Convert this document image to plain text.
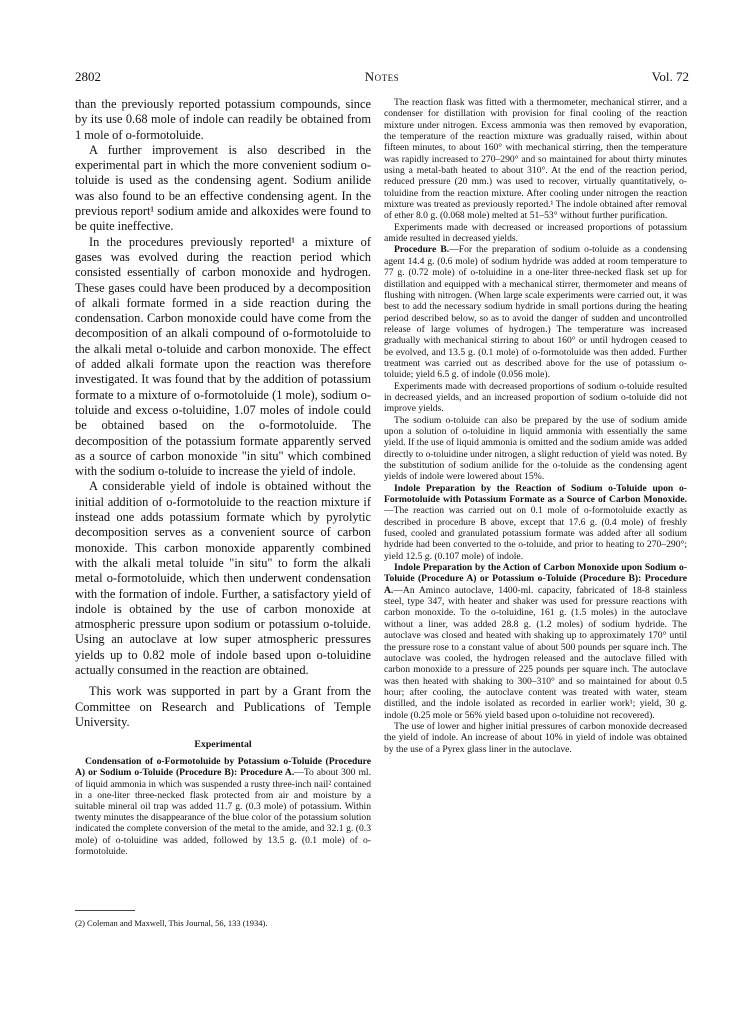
2802	Notes	Vol. 72

than the previously reported potassium compounds, since by its use 0.68 mole of indole can readily be obtained from 1 mole of o-formotoluide.

A further improvement is also described in the experimental part in which the more convenient sodium o-toluide is used as the condensing agent. Sodium anilide was also found to be an effective condensing agent. In the previous report¹ sodium amide and alkoxides were found to be quite ineffective.

In the procedures previously reported¹ a mixture of gases was evolved during the reaction period which consisted essentially of carbon monoxide and hydrogen. These gases could have been produced by a decomposition of alkali formate formed in a side reaction during the condensation. Carbon monoxide could have come from the decomposition of an alkali compound of o-formotoluide to the alkali metal o-toluide and carbon monoxide. The effect of added alkali formate upon the reaction was therefore investigated. It was found that by the addition of potassium formate to a mixture of o-formotoluide (1 mole), sodium o-toluide and excess o-toluidine, 1.07 moles of indole could be obtained based on the o-formotoluide. The decomposition of the potassium formate apparently served as a source of carbon monoxide "in situ" which combined with the sodium o-toluide to increase the yield of indole.

A considerable yield of indole is obtained without the initial addition of o-formotoluide to the reaction mixture if instead one adds potassium formate which by pyrolytic decomposition serves as a convenient source of carbon monoxide. This carbon monoxide apparently combined with the alkali metal toluide "in situ" to form the alkali metal o-formotoluide, which then underwent condensation with the formation of indole. Further, a satisfactory yield of indole is obtained by the use of carbon monoxide at atmospheric pressure upon sodium or potassium o-toluide. Using an autoclave at low super atmospheric pressures yields up to 0.82 mole of indole based upon o-toluidine actually consumed in the reaction are obtained.

This work was supported in part by a Grant from the Committee on Research and Publications of Temple University.

Experimental

Condensation of o-Formotoluide by Potassium o-Toluide (Procedure A) or Sodium o-Toluide (Procedure B): Procedure A.—To about 300 ml. of liquid ammonia in which was suspended a rusty three-inch nail² contained in a one-liter three-necked flask protected from air and moisture by a suitable mineral oil trap was added 11.7 g. (0.3 mole) of potassium. Within twenty minutes the disappearance of the blue color of the potassium solution indicated the complete conversion of the metal to the amide, and 32.1 g. (0.3 mole) of o-toluidine was added, followed by 13.5 g. (0.1 mole) of o-formotoluide.

(2) Coleman and Maxwell, This Journal, 56, 133 (1934).

The reaction flask was fitted with a thermometer, mechanical stirrer, and a condenser for distillation with provision for final cooling of the reaction mixture under nitrogen. Excess ammonia was then removed by evaporation, the temperature of the reaction mixture was gradually raised, within about fifteen minutes, to about 160° with mechanical stirring, then the temperature was rapidly increased to 270–290° and so maintained for about thirty minutes using a metal-bath heated to about 310°. At the end of the reaction period, reduced pressure (20 mm.) was used to recover, virtually quantitatively, o-toluidine from the reaction mixture. After cooling under nitrogen the reaction mixture was treated as previously reported.¹ The indole obtained after removal of ether 8.0 g. (0.068 mole) melted at 51–53° without further purification.

Experiments made with decreased or increased proportions of potassium amide resulted in decreased yields.

Procedure B.—For the preparation of sodium o-toluide as a condensing agent 14.4 g. (0.6 mole) of sodium hydride was added at room temperature to 77 g. (0.72 mole) of o-toluidine in a one-liter three-necked flask set up for distillation and equipped with a mechanical stirrer, thermometer and means of flushing with nitrogen. (When large scale experiments were carried out, it was best to add the necessary sodium hydride in small portions during the heating period described below, so as to avoid the danger of sudden and uncontrolled release of large volumes of hydrogen.) The temperature was increased gradually with mechanical stirring to about 160° or until hydrogen ceased to be evolved, and 13.5 g. (0.1 mole) of o-formotoluide was then added. Further treatment was carried out as described above for the use of potassium o-toluide; yield 6.5 g. of indole (0.056 mole).

Experiments made with decreased proportions of sodium o-toluide resulted in decreased yields, and an increased proportion of sodium o-toluide did not improve yields.

The sodium o-toluide can also be prepared by the use of sodium amide upon a solution of o-toluidine in liquid ammonia with essentially the same yield. If the use of liquid ammonia is omitted and the sodium amide was added directly to o-toluidine under nitrogen, a slight reduction of yield was noted. By the substitution of sodium anilide for the o-toluide as the condensing agent yields of indole were lowered about 15%.

Indole Preparation by the Reaction of Sodium o-Toluide upon o-Formotoluide with Potassium Formate as a Source of Carbon Monoxide.—The reaction was carried out on 0.1 mole of o-formotoluide exactly as described in procedure B above, except that 17.6 g. (0.4 mole) of freshly fused, cooled and granulated potassium formate was added after all sodium hydride had been converted to the o-toluide, and prior to heating to 270–290°; yield 12.5 g. (0.107 mole) of indole.

Indole Preparation by the Action of Carbon Monoxide upon Sodium o-Toluide (Procedure A) or Potassium o-Toluide (Procedure B): Procedure A.—An Aminco autoclave, 1400-ml. capacity, fabricated of 18-8 stainless steel, type 347, with heater and shaker was used for pressure reactions with carbon monoxide. To the o-toluidine, 161 g. (1.5 moles) in the autoclave without a liner, was added 28.8 g. (1.2 moles) of sodium hydride. The autoclave was closed and heated with shaking up to approximately 170° until the pressure rose to a constant value of about 500 pounds per square inch. The autoclave was cooled, the hydrogen released and the autoclave filled with carbon monoxide to a pressure of 225 pounds per square inch. The autoclave was then heated with shaking to 300–310° and so maintained for about 0.5 hour; after cooling, the autoclave content was treated with water, steam distilled, and the indole isolated as recorded in earlier work¹; yield, 30 g. indole (0.25 mole or 56% yield based upon o-toluidine not recovered).

The use of lower and higher initial pressures of carbon monoxide decreased the yield of indole. An increase of about 10% in yield of indole was obtained by the use of a Pyrex glass liner in the autoclave.
